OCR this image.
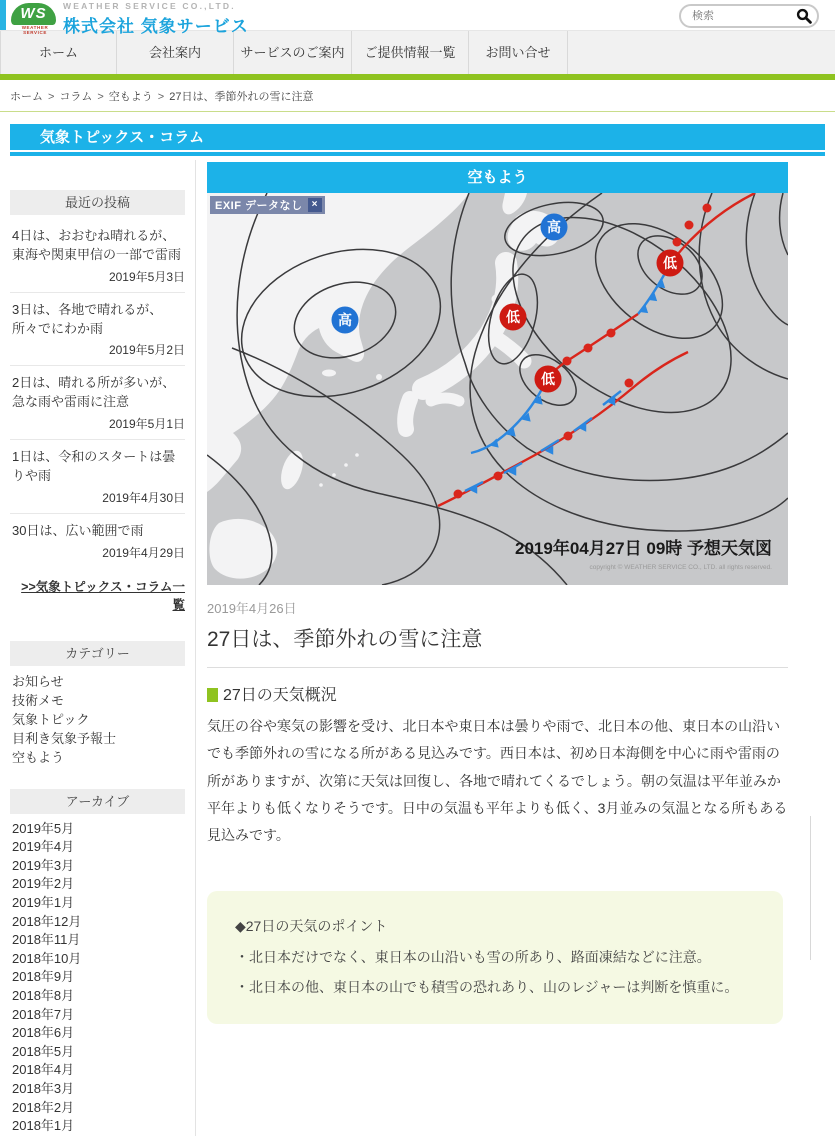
WS
WEATHER SERVICE
WEATHER SERVICE CO.,LTD.
株式会社 気象サービス
検索
ホーム	会社案内	サービスのご案内	ご提供情報一覧	お問い合せ
ホーム > コラム > 空もよう > 27日は、季節外れの雪に注意
気象トピックス・コラム
最近の投稿
4日は、おおむね晴れるが、東海や関東甲信の一部で雷雨
2019年5月3日
3日は、各地で晴れるが、所々でにわか雨
2019年5月2日
2日は、晴れる所が多いが、急な雨や雷雨に注意
2019年5月1日
1日は、令和のスタートは曇りや雨
2019年4月30日
30日は、広い範囲で雨
2019年4月29日
>>気象トピックス・コラム一覧
カテゴリー
お知らせ
技術メモ
気象トピック
目利き気象予報士
空もよう
アーカイブ
2019年5月
2019年4月
2019年3月
2019年2月
2019年1月
2018年12月
2018年11月
2018年10月
2018年9月
2018年8月
2018年7月
2018年6月
2018年5月
2018年4月
2018年3月
2018年2月
2018年1月
空もよう
高
低
高	低
低
2019年04月27日 09時 予想天気図
copyright © WEATHER SERVICE CO., LTD. all rights reserved.
EXIF データなし ×
2019年4月26日
27日は、季節外れの雪に注意
27日の天気概況

気圧の谷や寒気の影響を受け、北日本や東日本は曇りや雨で、北日本の他、東日本の山沿いでも季節外れの雪になる所がある見込みです。西日本は、初め日本海側を中心に雨や雷雨の所がありますが、次第に天気は回復し、各地で晴れてくるでしょう。朝の気温は平年並みか平年よりも低くなりそうです。日中の気温も平年よりも低く、3月並みの気温となる所もある見込みです。

◆27日の天気のポイント

・北日本だけでなく、東日本の山沿いも雪の所あり、路面凍結などに注意。

・北日本の他、東日本の山でも積雪の恐れあり、山のレジャーは判断を慎重に。
